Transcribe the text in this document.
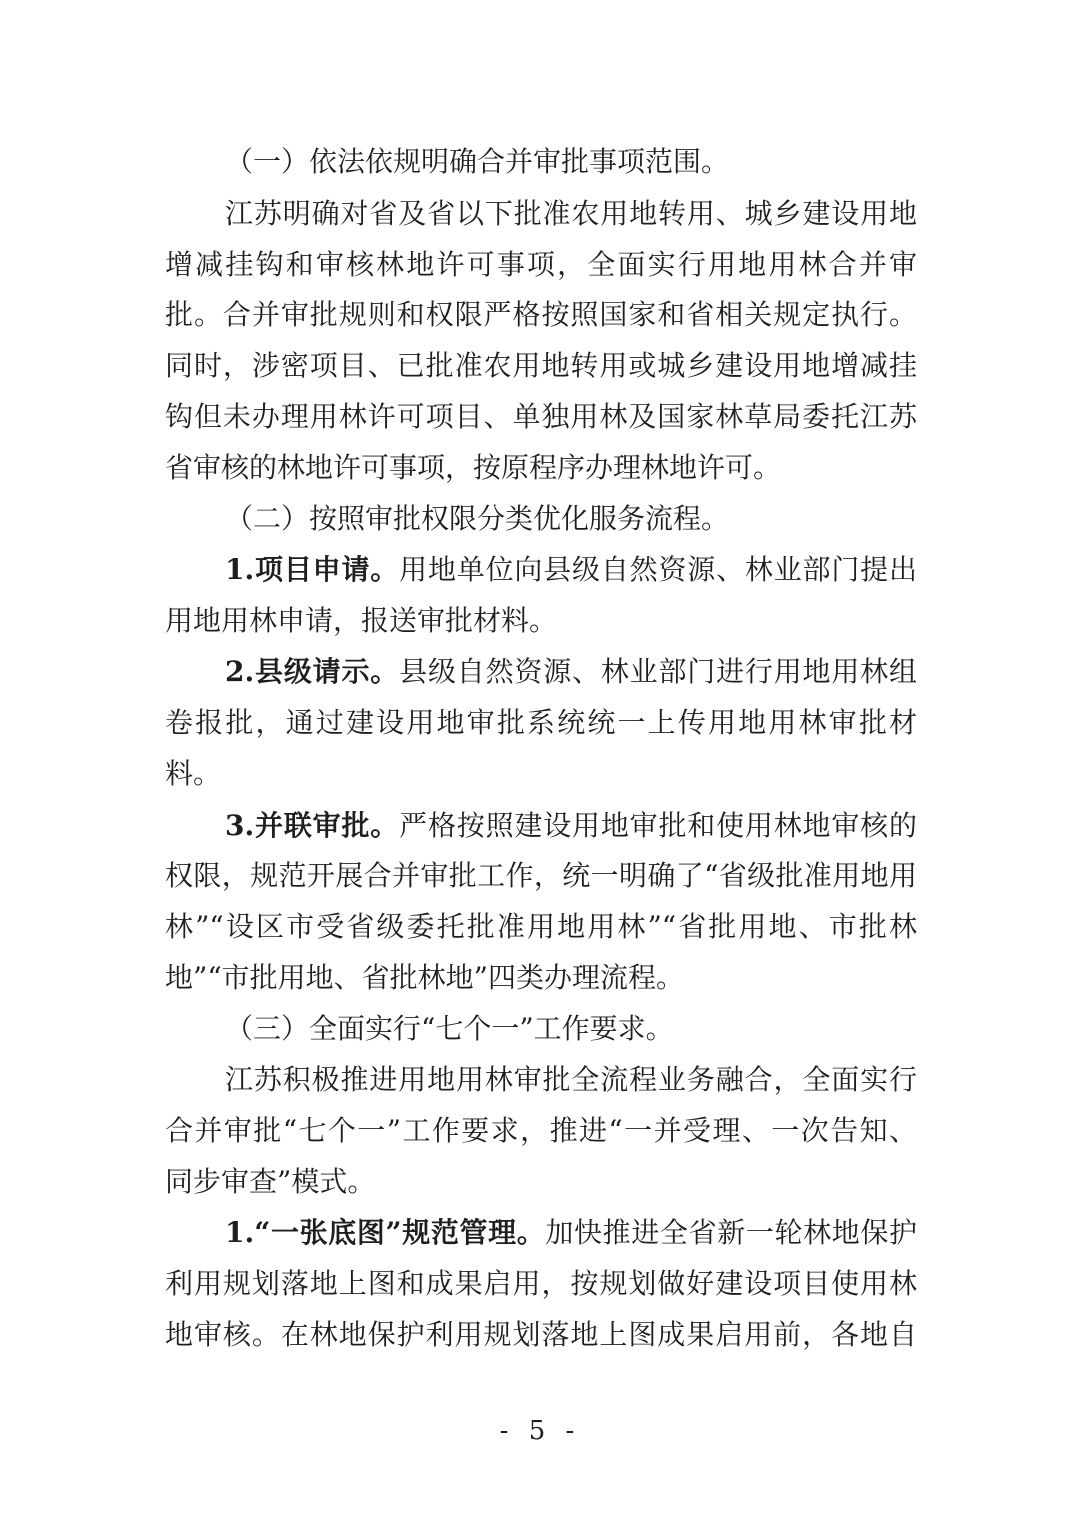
（一）依法依规明确合并审批事项范围。
江苏明确对省及省以下批准农用地转用、城乡建设用地
增减挂钩和审核林地许可事项，全面实行用地用林合并审
批。合并审批规则和权限严格按照国家和省相关规定执行。
同时，涉密项目、已批准农用地转用或城乡建设用地增减挂
钩但未办理用林许可项目、单独用林及国家林草局委托江苏
省审核的林地许可事项，按原程序办理林地许可。
（二）按照审批权限分类优化服务流程。
1.项目申请。用地单位向县级自然资源、林业部门提出
用地用林申请，报送审批材料。
2.县级请示。县级自然资源、林业部门进行用地用林组
卷报批，通过建设用地审批系统统一上传用地用林审批材
料。
3.并联审批。严格按照建设用地审批和使用林地审核的
权限，规范开展合并审批工作，统一明确了“省级批准用地用
林”“设区市受省级委托批准用地用林”“省批用地、市批林
地”“市批用地、省批林地”四类办理流程。
（三）全面实行“七个一”工作要求。
江苏积极推进用地用林审批全流程业务融合，全面实行
合并审批“七个一”工作要求，推进“一并受理、一次告知、
同步审查”模式。
1.“一张底图”规范管理。加快推进全省新一轮林地保护
利用规划落地上图和成果启用，按规划做好建设项目使用林
地审核。在林地保护利用规划落地上图成果启用前，各地自
- 5 -
